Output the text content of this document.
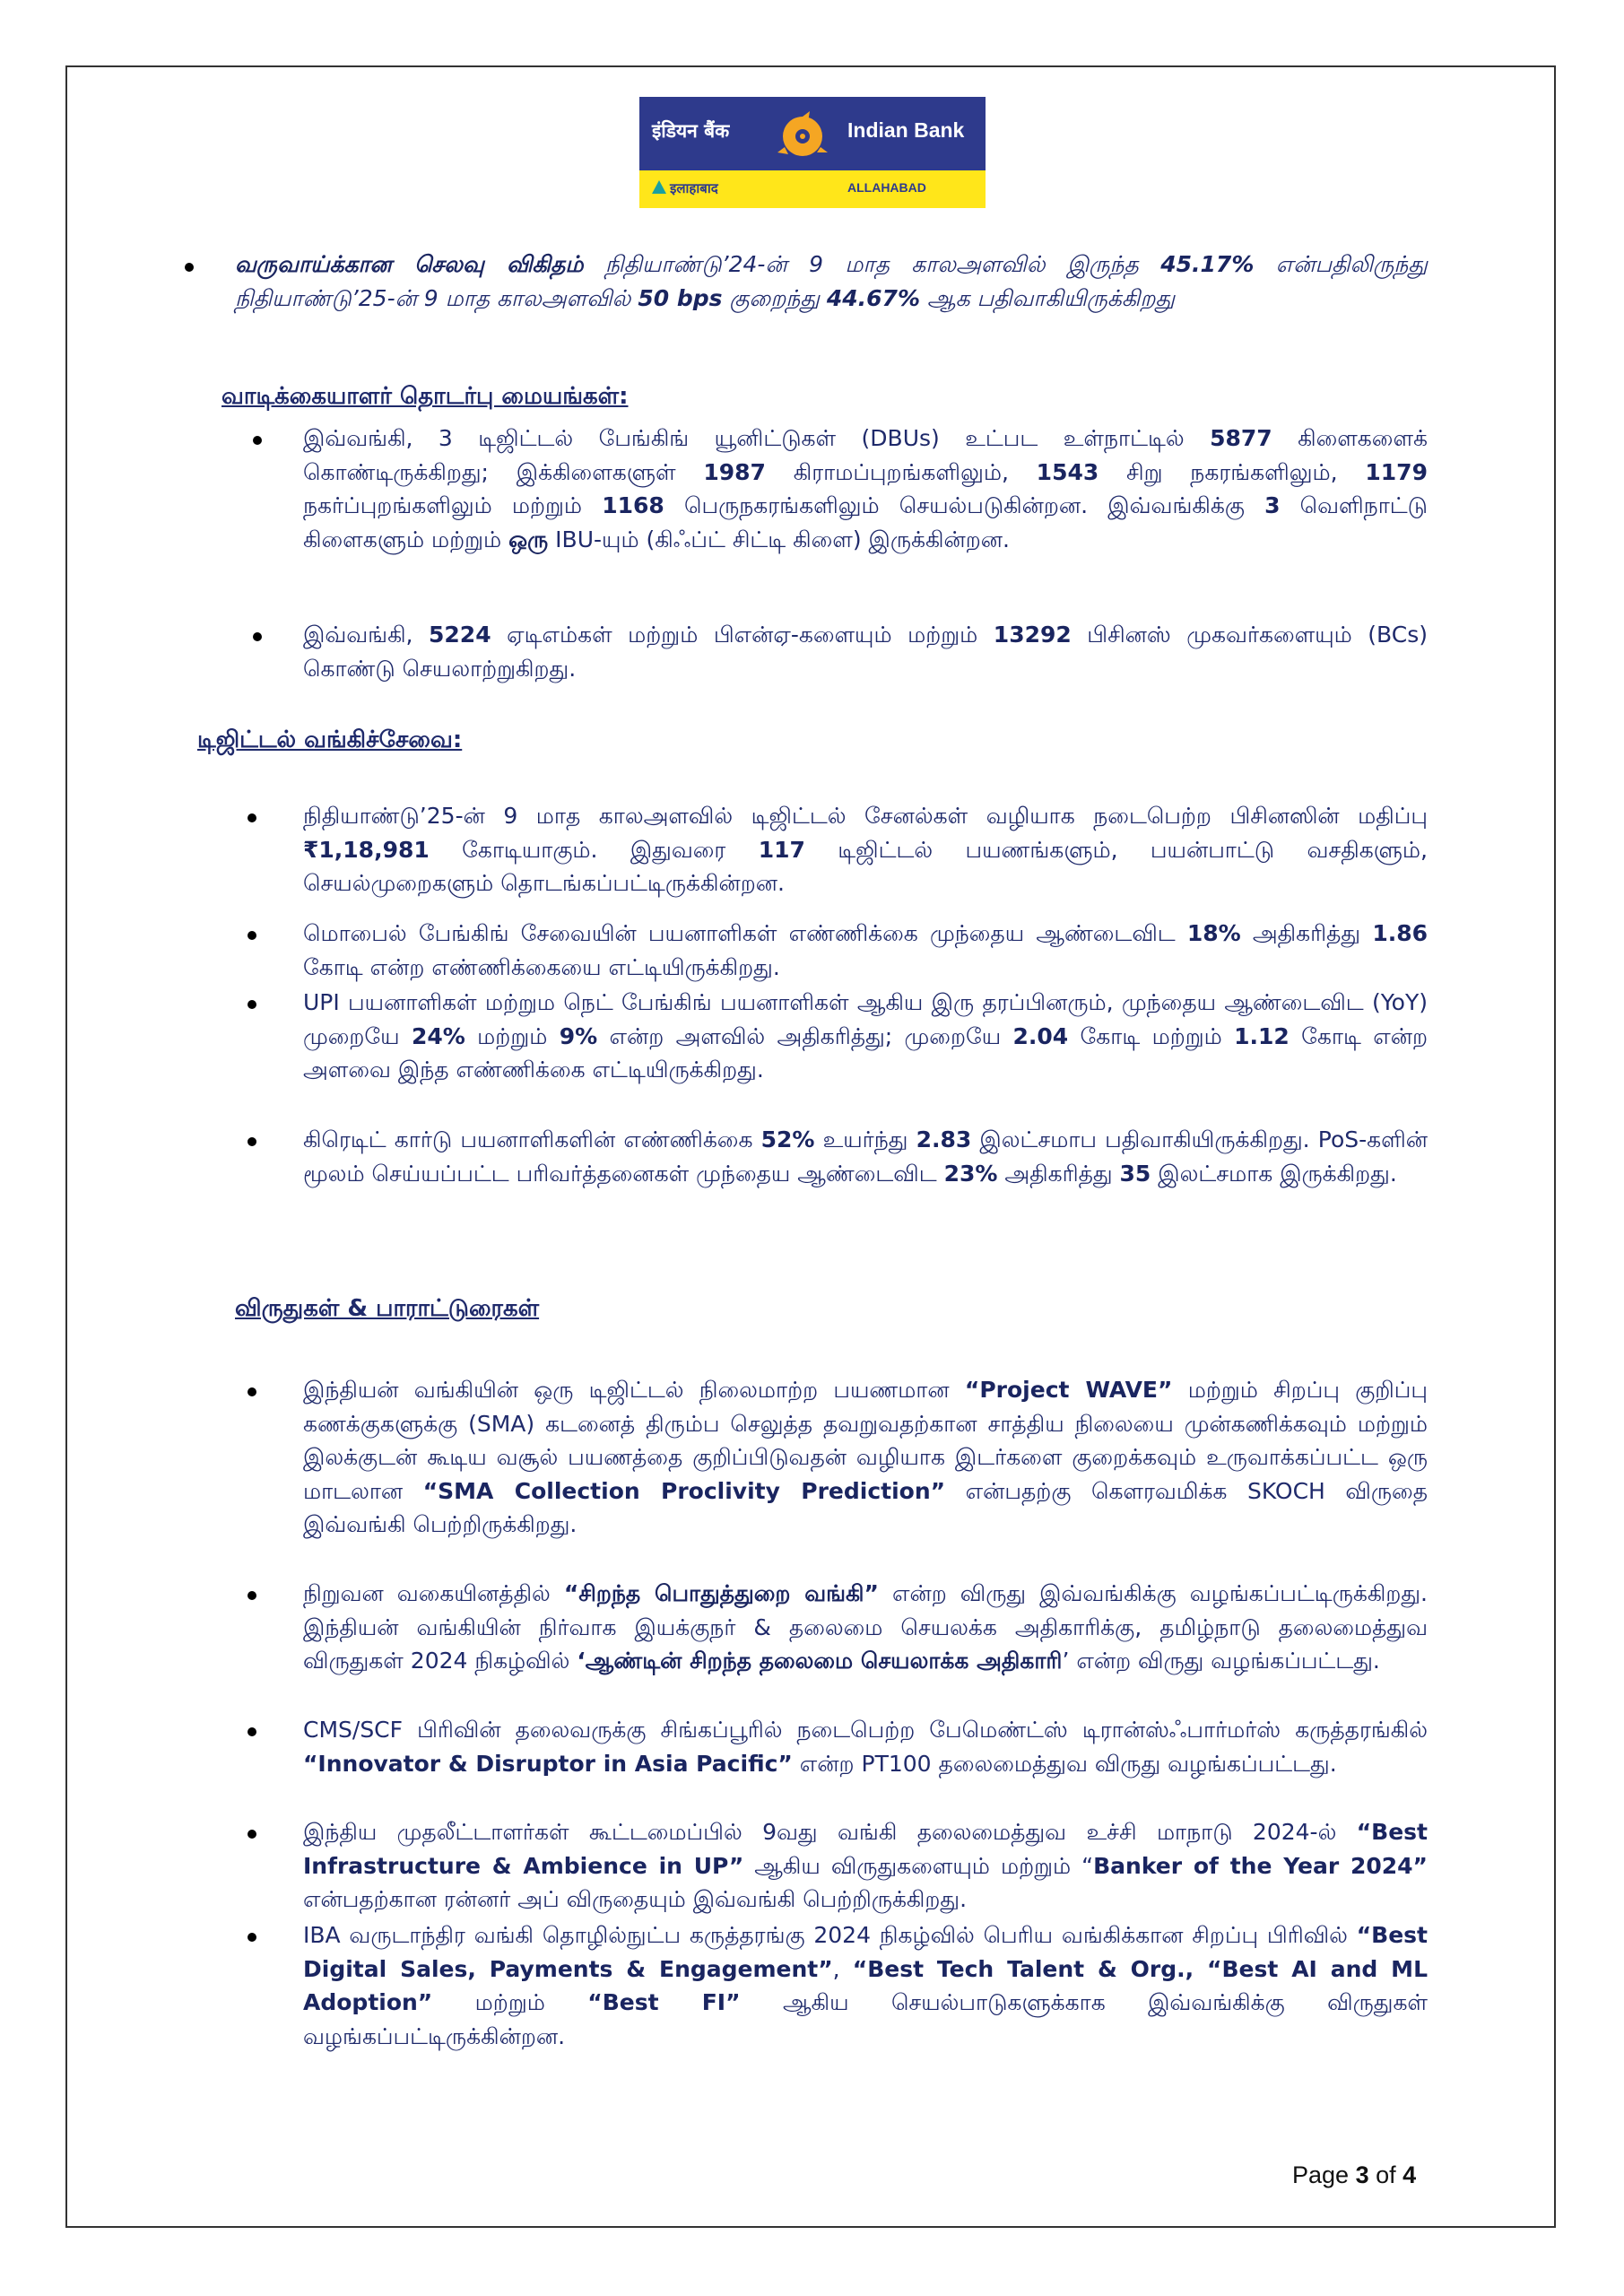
इंडियन बैंक	Indian Bank
इलाहाबाद	ALLAHABAD
வருவாய்க்கான செலவு விகிதம் நிதியாண்டு’24-ன் 9 மாத காலஅளவில் இருந்த 45.17% என்பதிலிருந்து நிதியாண்டு’25-ன் 9 மாத காலஅளவில் 50 bps குறைந்து 44.67% ஆக பதிவாகியிருக்கிறது
வாடிக்கையாளர் தொடர்பு மையங்கள்:
இவ்வங்கி, 3 டிஜிட்டல் பேங்கிங் யூனிட்டுகள் (DBUs) உட்பட உள்நாட்டில் 5877 கிளைகளைக் கொண்டிருக்கிறது; இக்கிளைகளுள் 1987 கிராமப்புறங்களிலும், 1543 சிறு நகரங்களிலும், 1179 நகர்ப்புறங்களிலும் மற்றும் 1168 பெருநகரங்களிலும் செயல்படுகின்றன. இவ்வங்கிக்கு 3 வெளிநாட்டு கிளைகளும் மற்றும் ஒரு IBU-யும் (கிஃப்ட் சிட்டி கிளை) இருக்கின்றன.
இவ்வங்கி, 5224 ஏடிஎம்கள் மற்றும் பிஎன்ஏ-களையும் மற்றும் 13292 பிசினஸ் முகவர்களையும் (BCs) கொண்டு செயலாற்றுகிறது.
டிஜிட்டல் வங்கிச்சேவை:
நிதியாண்டு’25-ன் 9 மாத காலஅளவில் டிஜிட்டல் சேனல்கள் வழியாக நடைபெற்ற பிசினஸின் மதிப்பு ₹1,18,981 கோடியாகும். இதுவரை 117 டிஜிட்டல் பயணங்களும், பயன்பாட்டு வசதிகளும், செயல்முறைகளும் தொடங்கப்பட்டிருக்கின்றன.
மொபைல் பேங்கிங் சேவையின் பயனாளிகள் எண்ணிக்கை முந்தைய ஆண்டைவிட 18% அதிகரித்து 1.86 கோடி என்ற எண்ணிக்கையை எட்டியிருக்கிறது.
UPI பயனாளிகள் மற்றும நெட் பேங்கிங் பயனாளிகள் ஆகிய இரு தரப்பினரும், முந்தைய ஆண்டைவிட (YoY) முறையே 24% மற்றும் 9% என்ற அளவில் அதிகரித்து; முறையே 2.04 கோடி மற்றும் 1.12 கோடி என்ற அளவை இந்த எண்ணிக்கை எட்டியிருக்கிறது.
கிரெடிட் கார்டு பயனாளிகளின் எண்ணிக்கை 52% உயர்ந்து 2.83 இலட்சமாப பதிவாகியிருக்கிறது. PoS-களின் மூலம் செய்யப்பட்ட பரிவர்த்தனைகள் முந்தைய ஆண்டைவிட 23% அதிகரித்து 35 இலட்சமாக இருக்கிறது.
விருதுகள் & பாராட்டுரைகள்
இந்தியன் வங்கியின் ஒரு டிஜிட்டல் நிலைமாற்ற பயணமான “Project WAVE” மற்றும் சிறப்பு குறிப்பு கணக்குகளுக்கு (SMA) கடனைத் திரும்ப செலுத்த தவறுவதற்கான சாத்திய நிலையை முன்கணிக்கவும் மற்றும் இலக்குடன் கூடிய வசூல் பயணத்தை குறிப்பிடுவதன் வழியாக இடர்களை குறைக்கவும் உருவாக்கப்பட்ட ஒரு மாடலான “SMA Collection Proclivity Prediction” என்பதற்கு கௌரவமிக்க SKOCH விருதை இவ்வங்கி பெற்றிருக்கிறது.
நிறுவன வகையினத்தில் “சிறந்த பொதுத்துறை வங்கி” என்ற விருது இவ்வங்கிக்கு வழங்கப்பட்டிருக்கிறது. இந்தியன் வங்கியின் நிர்வாக இயக்குநர் & தலைமை செயலக்க அதிகாரிக்கு, தமிழ்நாடு தலைமைத்துவ விருதுகள் 2024 நிகழ்வில் ‘ஆண்டின் சிறந்த தலைமை செயலாக்க அதிகாரி’ என்ற விருது வழங்கப்பட்டது.
CMS/SCF பிரிவின் தலைவருக்கு சிங்கப்பூரில் நடைபெற்ற பேமெண்ட்ஸ் டிரான்ஸ்ஃபார்மர்ஸ் கருத்தரங்கில் “Innovator & Disruptor in Asia Pacific” என்ற PT100 தலைமைத்துவ விருது வழங்கப்பட்டது.
இந்திய முதலீட்டாளர்கள் கூட்டமைப்பில் 9வது வங்கி தலைமைத்துவ உச்சி மாநாடு 2024-ல் “Best Infrastructure & Ambience in UP” ஆகிய விருதுகளையும் மற்றும் “Banker of the Year 2024” என்பதற்கான ரன்னர் அப் விருதையும் இவ்வங்கி பெற்றிருக்கிறது.
IBA வருடாந்திர வங்கி தொழில்நுட்ப கருத்தரங்கு 2024 நிகழ்வில் பெரிய வங்கிக்கான சிறப்பு பிரிவில் “Best Digital Sales, Payments & Engagement”, “Best Tech Talent & Org., “Best AI and ML Adoption” மற்றும் “Best FI” ஆகிய செயல்பாடுகளுக்காக இவ்வங்கிக்கு விருதுகள் வழங்கப்பட்டிருக்கின்றன.
Page 3 of 4
